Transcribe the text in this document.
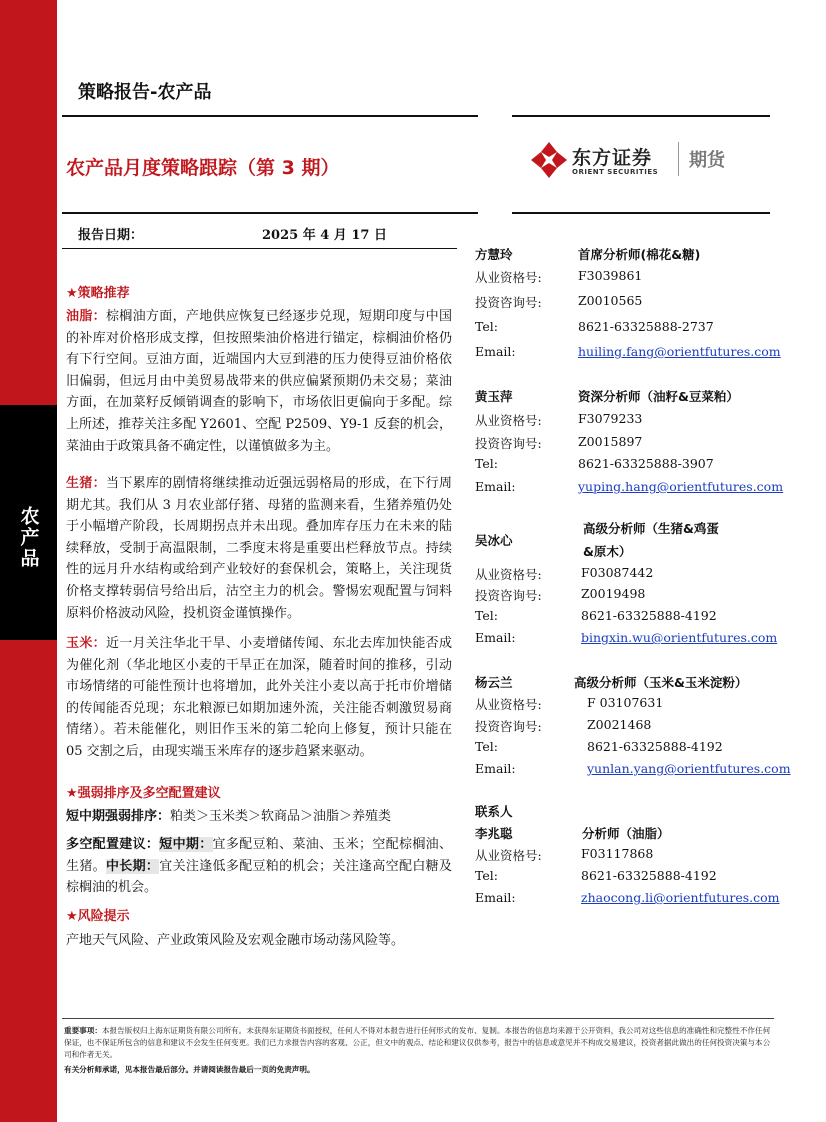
农产品
策略报告-农产品
农产品月度策略跟踪（第 3 期）	东方证券
ORIENT SECURITIES
期货
报告日期：	2025 年 4 月 17 日
★策略推荐
油脂：棕榈油方面，产地供应恢复已经逐步兑现，短期印度与中国的补库对价格形成支撑，但按照柴油价格进行锚定，棕榈油价格仍有下行空间。豆油方面，近端国内大豆到港的压力使得豆油价格依旧偏弱，但远月由中美贸易战带来的供应偏紧预期仍未交易；菜油方面，在加菜籽反倾销调查的影响下，市场依旧更偏向于多配。综上所述，推荐关注多配 Y2601、空配 P2509、Y9-1 反套的机会，菜油由于政策具备不确定性，以谨慎做多为主。
生猪：当下累库的剧情将继续推动近强远弱格局的形成，在下行周期尤其。我们从 3 月农业部仔猪、母猪的监测来看，生猪养殖仍处于小幅增产阶段，长周期拐点并未出现。叠加库存压力在未来的陆续释放，受制于高温限制，二季度末将是重要出栏释放节点。持续性的远月升水结构或给到产业较好的套保机会，策略上，关注现货价格支撑转弱信号给出后，沽空主力的机会。警惕宏观配置与饲料原料价格波动风险，投机资金谨慎操作。
玉米：近一月关注华北干旱、小麦增储传闻、东北去库加快能否成为催化剂（华北地区小麦的干旱正在加深，随着时间的推移，引动市场情绪的可能性预计也将增加，此外关注小麦以高于托市价增储的传闻能否兑现；东北粮源已如期加速外流，关注能否刺激贸易商情绪）。若未能催化，则旧作玉米的第二轮向上修复，预计只能在 05 交割之后，由现实端玉米库存的逐步趋紧来驱动。
★强弱排序及多空配置建议
短中期强弱排序：粕类＞玉米类＞软商品＞油脂＞养殖类
多空配置建议：短中期：宜多配豆粕、菜油、玉米；空配棕榈油、生猪。中长期：宜关注逢低多配豆粕的机会；关注逢高空配白糖及棕榈油的机会。
★风险提示
产地天气风险、产业政策风险及宏观金融市场动荡风险等。
方慧玲	首席分析师(棉花&糖)
从业资格号:	F3039861
投资咨询号:	Z0010565
Tel:	8621-63325888-2737
Email:	huiling.fang@orientfutures.com
黄玉萍	资深分析师（油籽&豆菜粕）
从业资格号:	F3079233
投资咨询号:	Z0015897
Tel:	8621-63325888-3907
Email:	yuping.hang@orientfutures.com
吴冰心
高级分析师（生猪&鸡蛋
&原木）
从业资格号:	F03087442
投资咨询号:	Z0019498
Tel:	8621-63325888-4192
Email:	bingxin.wu@orientfutures.com
杨云兰	高级分析师（玉米&玉米淀粉）
从业资格号:	F 03107631
投资咨询号:	Z0021468
Tel:	8621-63325888-4192
Email:	yunlan.yang@orientfutures.com
联系人
李兆聪	分析师（油脂）
从业资格号:	F03117868
Tel:	8621-63325888-4192
Email:	zhaocong.li@orientfutures.com
重要事项：本报告版权归上海东证期货有限公司所有。未获得东证期货书面授权，任何人不得对本报告进行任何形式的发布、复制。本报告的信息均来源于公开资料，我公司对这些信息的准确性和完整性不作任何保证，也不保证所包含的信息和建议不会发生任何变更。我们已力求报告内容的客观、公正，但文中的观点、结论和建议仅供参考，报告中的信息或意见并不构成交易建议，投资者据此做出的任何投资决策与本公司和作者无关。
有关分析师承诺，见本报告最后部分。并请阅读报告最后一页的免责声明。
